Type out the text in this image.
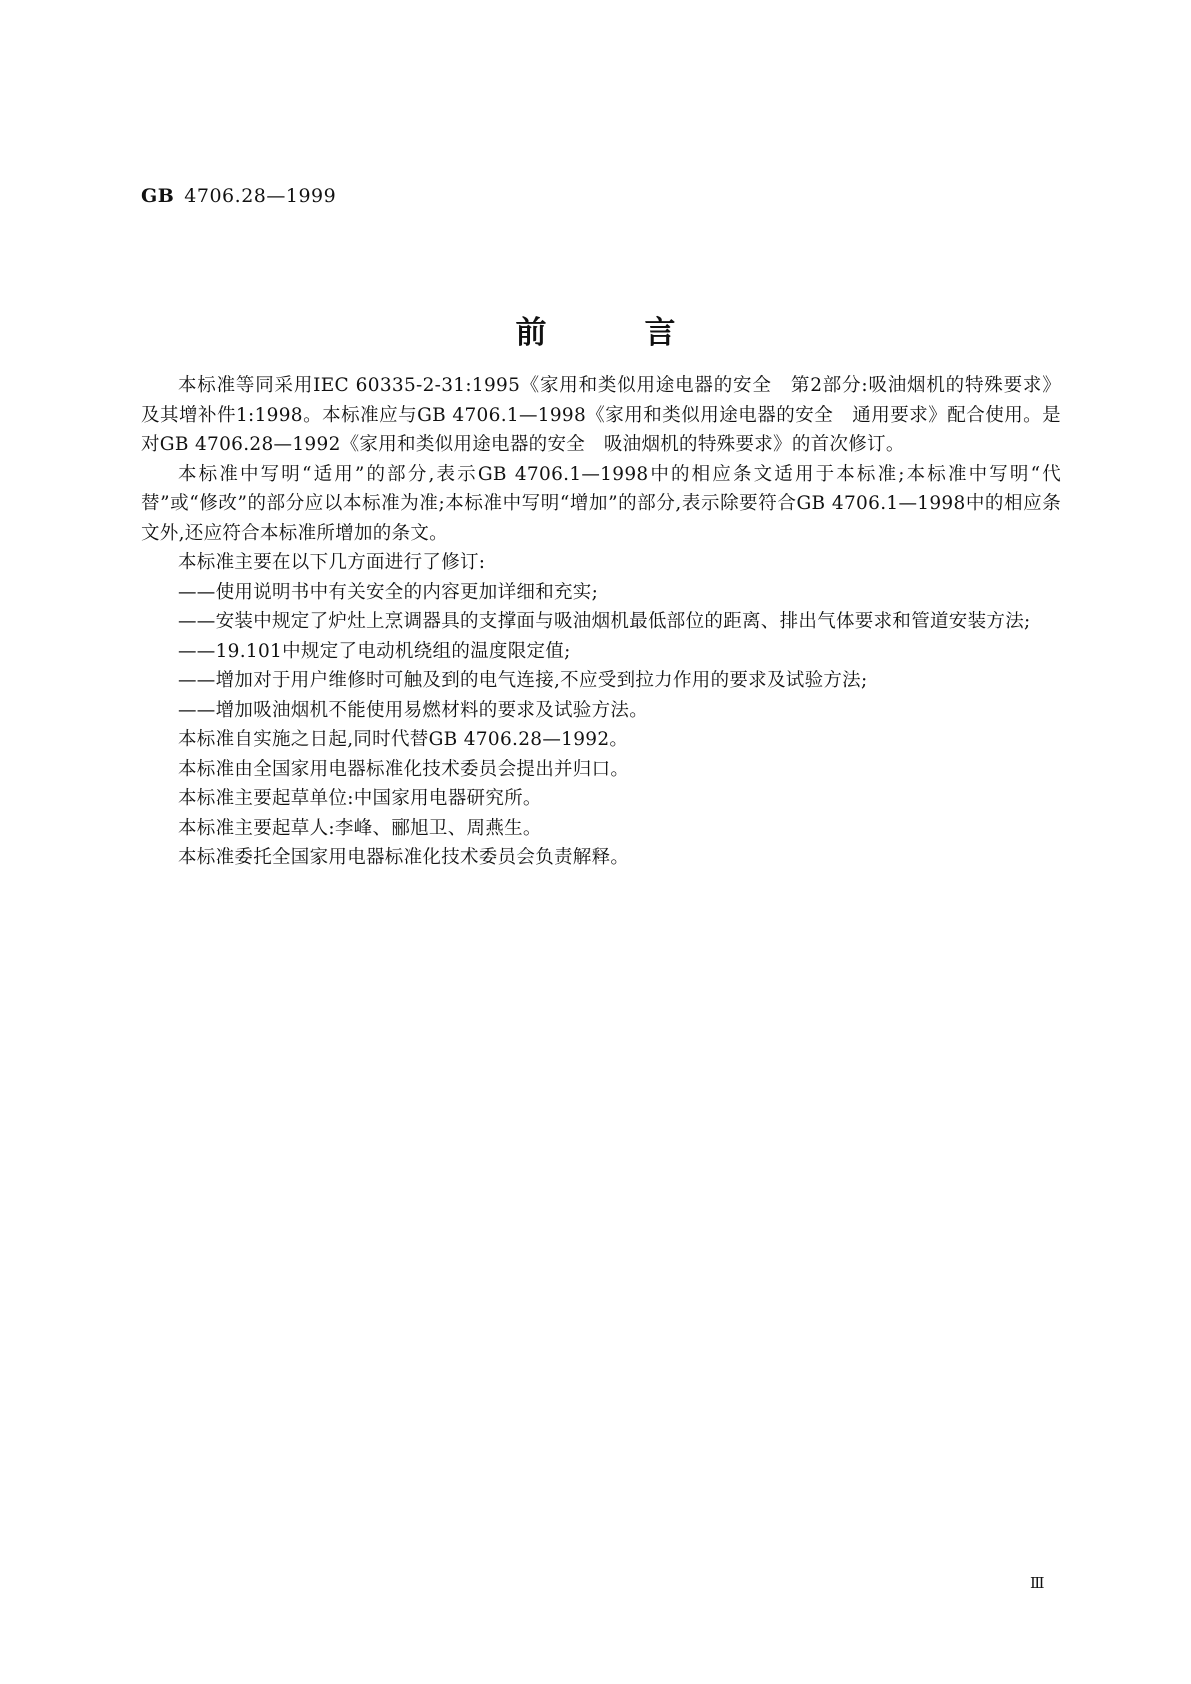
GB 4706.28—1999
前言

本标准等同采用IEC 60335-2-31:1995《家用和类似用途电器的安全　第2部分:吸油烟机的特殊要求》及其增补件1:1998。本标准应与GB 4706.1—1998《家用和类似用途电器的安全　通用要求》配合使用。是对GB 4706.28—1992《家用和类似用途电器的安全　吸油烟机的特殊要求》的首次修订。

本标准中写明“适用”的部分,表示GB 4706.1—1998中的相应条文适用于本标准;本标准中写明“代替”或“修改”的部分应以本标准为准;本标准中写明“增加”的部分,表示除要符合GB 4706.1—1998中的相应条文外,还应符合本标准所增加的条文。

本标准主要在以下几方面进行了修订:

——使用说明书中有关安全的内容更加详细和充实;

——安装中规定了炉灶上烹调器具的支撑面与吸油烟机最低部位的距离、排出气体要求和管道安装方法;

——19.101中规定了电动机绕组的温度限定值;

——增加对于用户维修时可触及到的电气连接,不应受到拉力作用的要求及试验方法;

——增加吸油烟机不能使用易燃材料的要求及试验方法。

本标准自实施之日起,同时代替GB 4706.28—1992。

本标准由全国家用电器标准化技术委员会提出并归口。

本标准主要起草单位:中国家用电器研究所。

本标准主要起草人:李峰、郦旭卫、周燕生。

本标准委托全国家用电器标准化技术委员会负责解释。

Ⅲ
